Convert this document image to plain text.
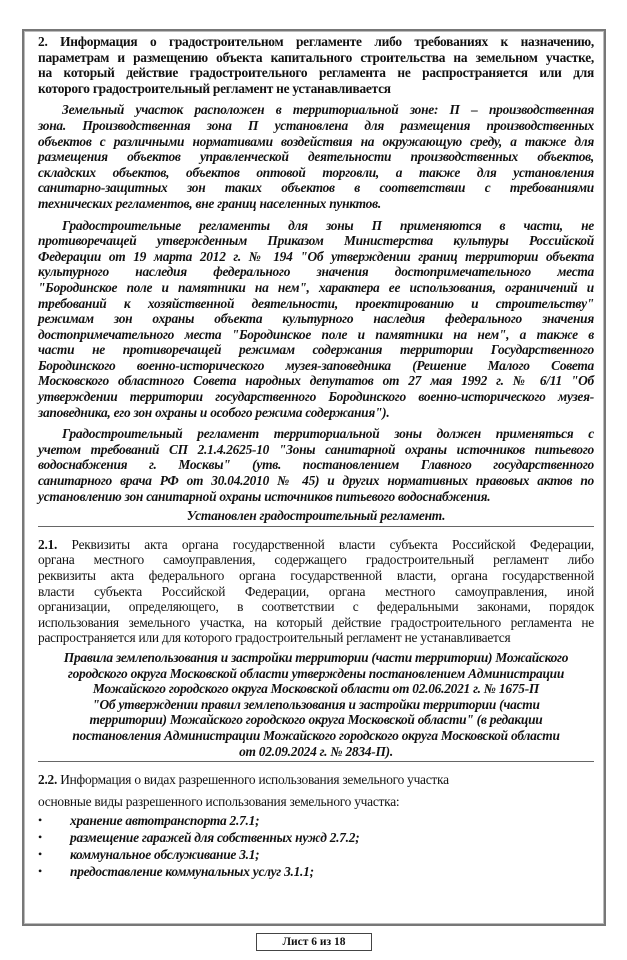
2. Информация о градостроительном регламенте либо требованиях к назначению,
параметрам и размещению объекта капитального строительства на земельном участке,
на который действие градостроительного регламента не распространяется или для
которого градостроительный регламент не устанавливается
Земельный участок расположен в территориальной зоне: П – производственная
зона. Производственная зона П установлена для размещения производственных
объектов с различными нормативами воздействия на окружающую среду, а также для
размещения объектов управленческой деятельности производственных объектов,
складских объектов, объектов оптовой торговли, а также для установления
санитарно-защитных зон таких объектов в соответствии с требованиями
технических регламентов, вне границ населенных пунктов.
Градостроительные регламенты для зоны П применяются в части, не
противоречащей утвержденным Приказом Министерства культуры Российской
Федерации от 19 марта 2012 г. № 194 "Об утверждении границ территории объекта
культурного наследия федерального значения достопримечательного места
"Бородинское поле и памятники на нем", характера ее использования, ограничений и
требований к хозяйственной деятельности, проектированию и строительству"
режимам зон охраны объекта культурного наследия федерального значения
достопримечательного места "Бородинское поле и памятники на нем", а также в
части не противоречащей режимам содержания территории Государственного
Бородинского военно-исторического музея-заповедника (Решение Малого Совета
Московского областного Совета народных депутатов от 27 мая 1992 г. № 6/11 "Об
утверждении территории государственного Бородинского военно-исторического музея-
заповедника, его зон охраны и особого режима содержания").
Градостроительный регламент территориальной зоны должен применяться с
учетом требований СП 2.1.4.2625-10 "Зоны санитарной охраны источников питьевого
водоснабжения г. Москвы" (утв. постановлением Главного государственного
санитарного врача РФ от 30.04.2010 № 45) и других нормативных правовых актов по
установлению зон санитарной охраны источников питьевого водоснабжения.
Установлен градостроительный регламент.
2.1. Реквизиты акта органа государственной власти субъекта Российской Федерации,
органа местного самоуправления, содержащего градостроительный регламент либо
реквизиты акта федерального органа государственной власти, органа государственной
власти субъекта Российской Федерации, органа местного самоуправления, иной
организации, определяющего, в соответствии с федеральными законами, порядок
использования земельного участка, на который действие градостроительного регламента не
распространяется или для которого градостроительный регламент не устанавливается
Правила землепользования и застройки территории (части территории) Можайского
городского округа Московской области утверждены постановлением Администрации
Можайского городского округа Московской области от 02.06.2021 г. № 1675-П
"Об утверждении правил землепользования и застройки территории (части
территории) Можайского городского округа Московской области" (в редакции
постановления Администрации Можайского городского округа Московской области
от 02.09.2024 г. № 2834-П).
2.2. Информация о видах разрешенного использования земельного участка
основные виды разрешенного использования земельного участка:
•	хранение автотранспорта 2.7.1;
•	размещение гаражей для собственных нужд 2.7.2;
•	коммунальное обслуживание 3.1;
•	предоставление коммунальных услуг 3.1.1;
Лист 6 из 18
